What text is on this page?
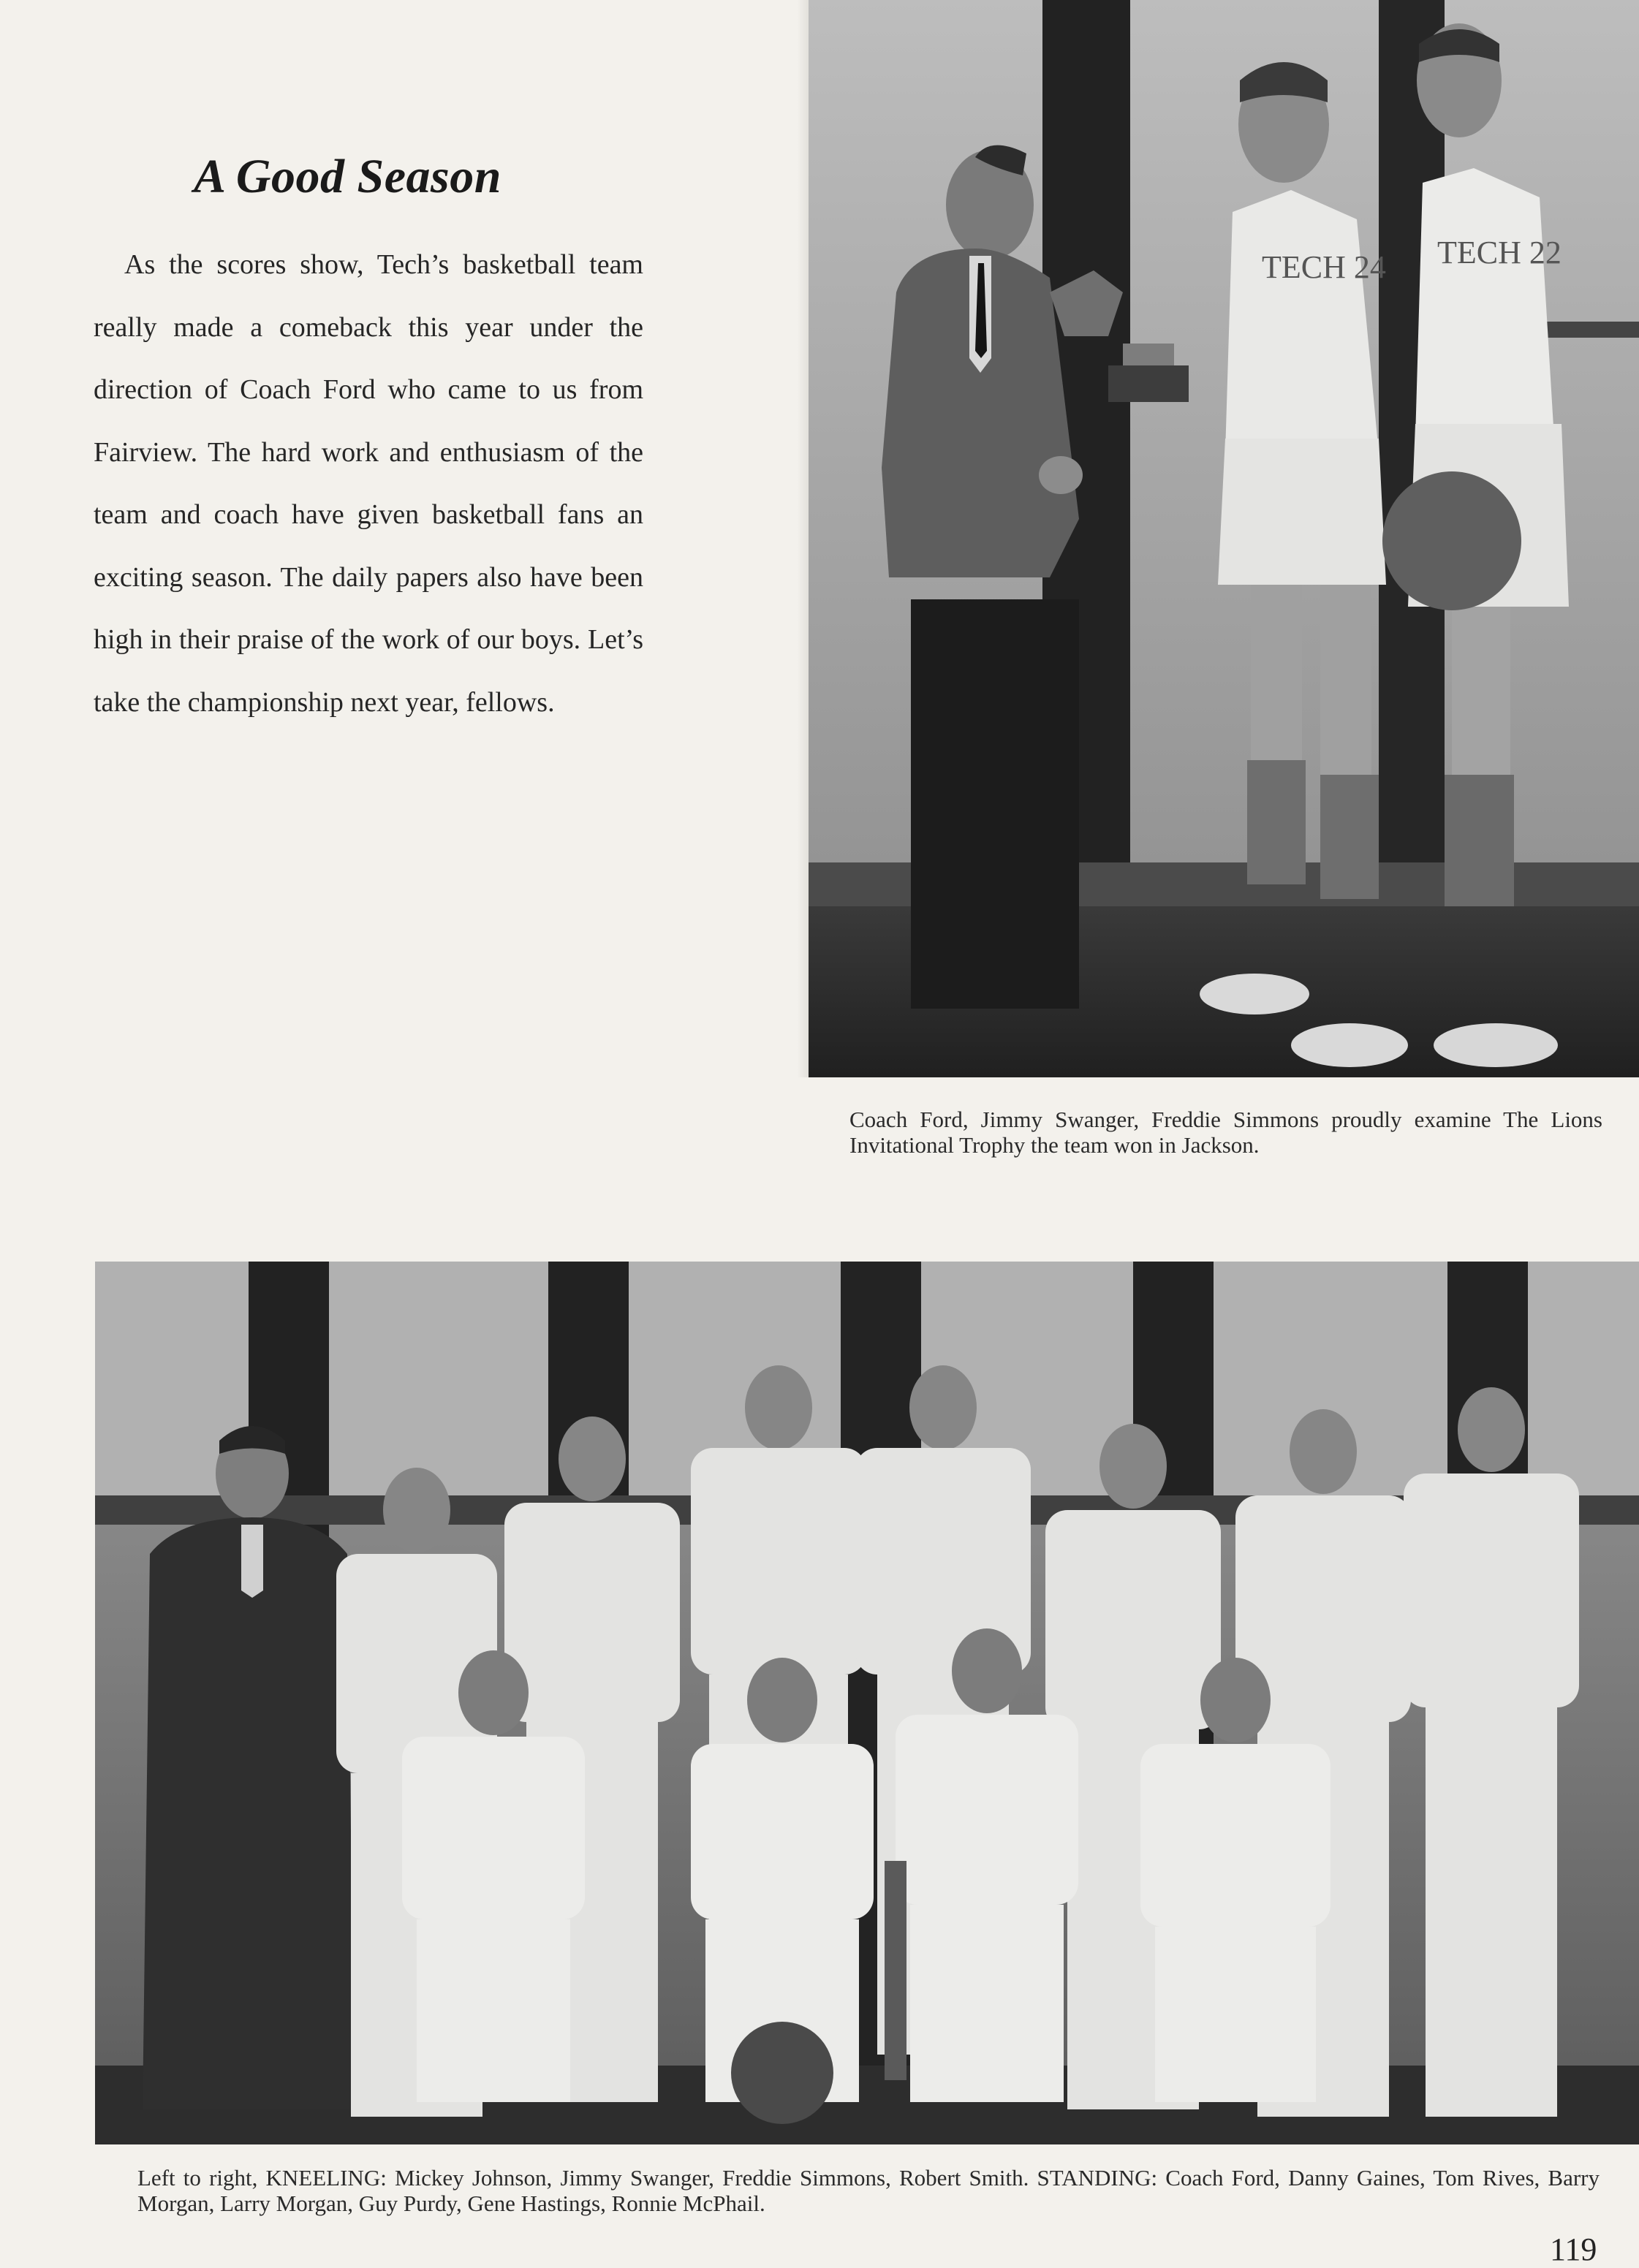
A Good Season

As the scores show, Tech’s basketball team really made a comeback this year under the direction of Coach Ford who came to us from Fairview. The hard work and enthusiasm of the team and coach have given basketball fans an exciting season. The daily papers also have been high in their praise of the work of our boys. Let’s take the championship next year, fellows.

TECH 24 TECH 22
Coach Ford, Jimmy Swanger, Freddie Simmons proudly examine The Lions Invitational Trophy the team won in Jackson.
Left to right, KNEELING: Mickey Johnson, Jimmy Swanger, Freddie Simmons, Robert Smith. STANDING: Coach Ford, Danny Gaines, Tom Rives, Barry Morgan, Larry Morgan, Guy Purdy, Gene Hastings, Ronnie McPhail.
119
